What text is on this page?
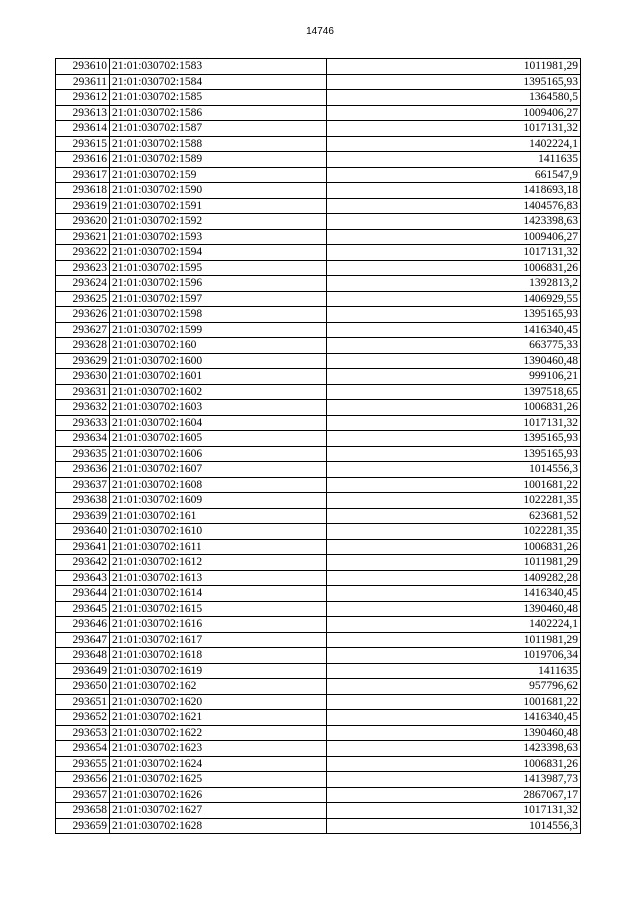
14746
293610	21:01:030702:1583	1011981,29
293611	21:01:030702:1584	1395165,93
293612	21:01:030702:1585	1364580,5
293613	21:01:030702:1586	1009406,27
293614	21:01:030702:1587	1017131,32
293615	21:01:030702:1588	1402224,1
293616	21:01:030702:1589	1411635
293617	21:01:030702:159	661547,9
293618	21:01:030702:1590	1418693,18
293619	21:01:030702:1591	1404576,83
293620	21:01:030702:1592	1423398,63
293621	21:01:030702:1593	1009406,27
293622	21:01:030702:1594	1017131,32
293623	21:01:030702:1595	1006831,26
293624	21:01:030702:1596	1392813,2
293625	21:01:030702:1597	1406929,55
293626	21:01:030702:1598	1395165,93
293627	21:01:030702:1599	1416340,45
293628	21:01:030702:160	663775,33
293629	21:01:030702:1600	1390460,48
293630	21:01:030702:1601	999106,21
293631	21:01:030702:1602	1397518,65
293632	21:01:030702:1603	1006831,26
293633	21:01:030702:1604	1017131,32
293634	21:01:030702:1605	1395165,93
293635	21:01:030702:1606	1395165,93
293636	21:01:030702:1607	1014556,3
293637	21:01:030702:1608	1001681,22
293638	21:01:030702:1609	1022281,35
293639	21:01:030702:161	623681,52
293640	21:01:030702:1610	1022281,35
293641	21:01:030702:1611	1006831,26
293642	21:01:030702:1612	1011981,29
293643	21:01:030702:1613	1409282,28
293644	21:01:030702:1614	1416340,45
293645	21:01:030702:1615	1390460,48
293646	21:01:030702:1616	1402224,1
293647	21:01:030702:1617	1011981,29
293648	21:01:030702:1618	1019706,34
293649	21:01:030702:1619	1411635
293650	21:01:030702:162	957796,62
293651	21:01:030702:1620	1001681,22
293652	21:01:030702:1621	1416340,45
293653	21:01:030702:1622	1390460,48
293654	21:01:030702:1623	1423398,63
293655	21:01:030702:1624	1006831,26
293656	21:01:030702:1625	1413987,73
293657	21:01:030702:1626	2867067,17
293658	21:01:030702:1627	1017131,32
293659	21:01:030702:1628	1014556,3
